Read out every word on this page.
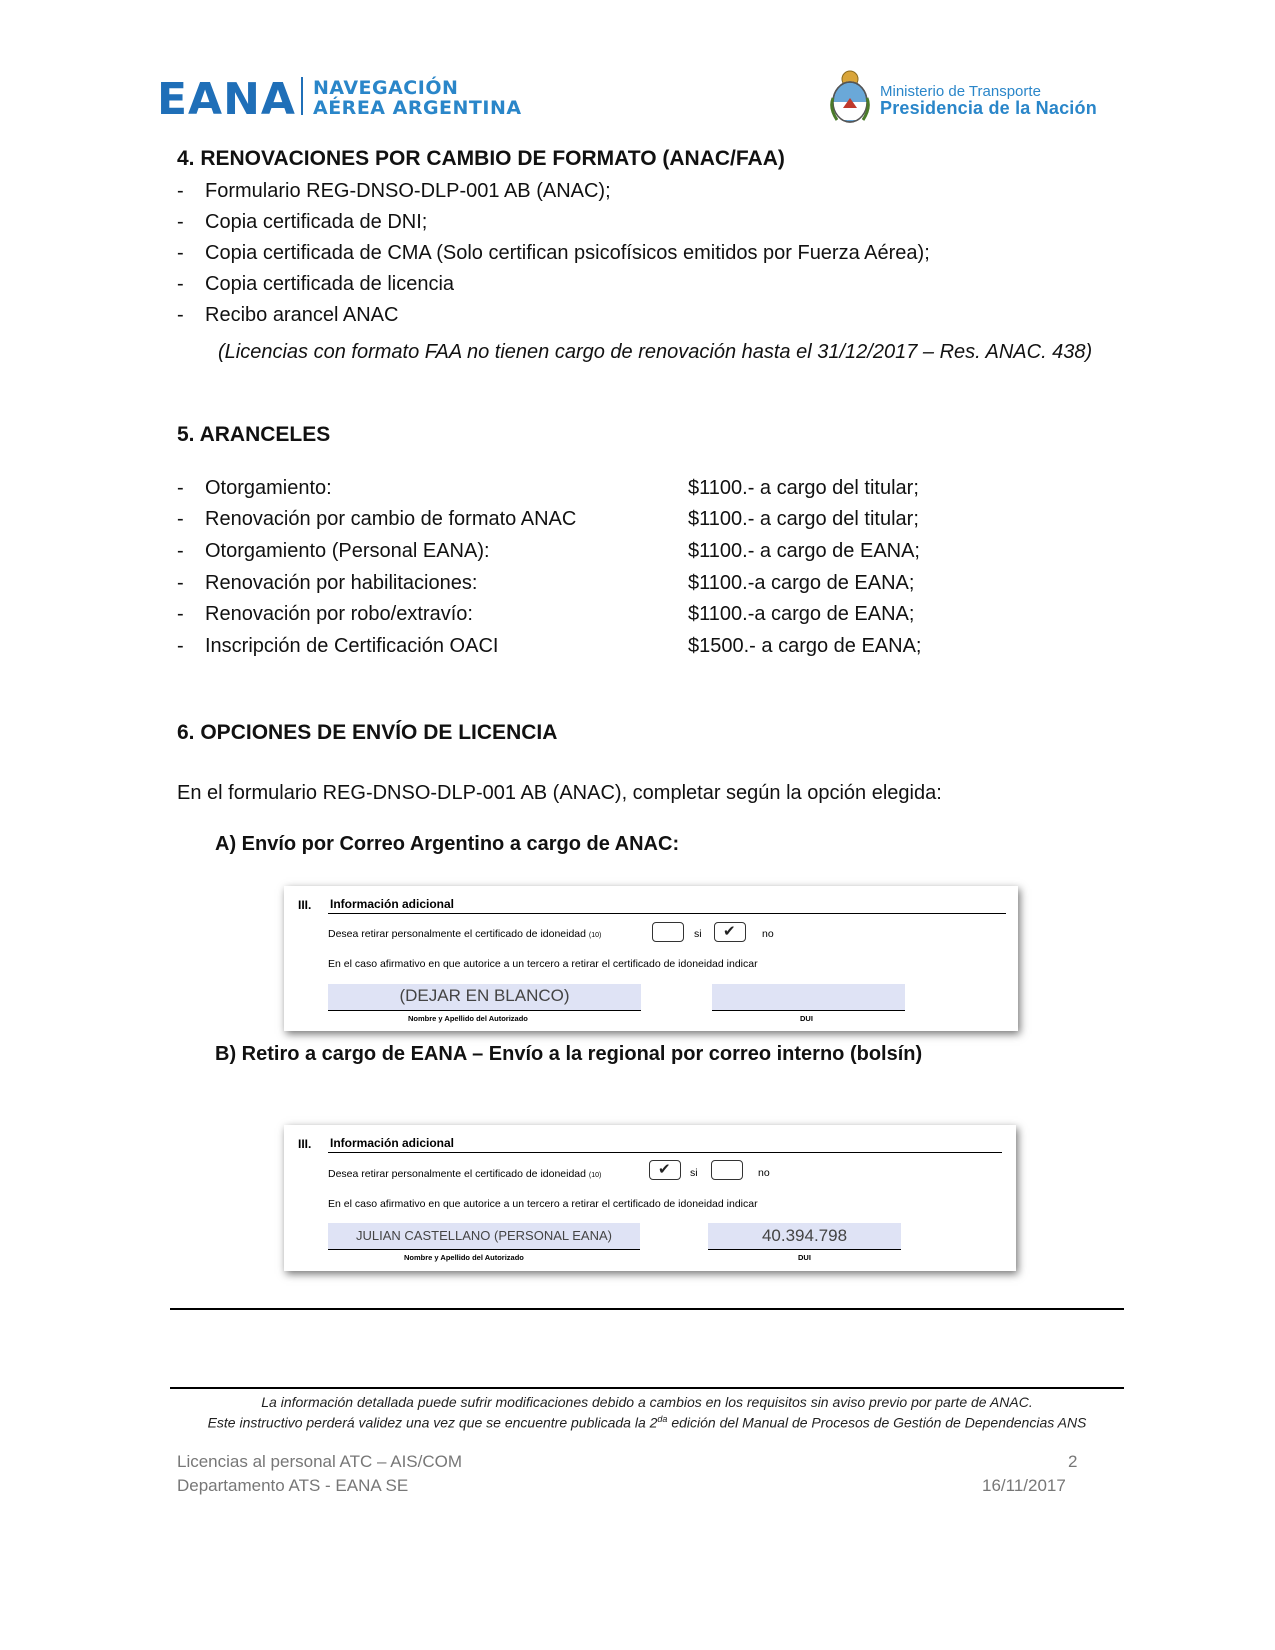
EANA NAVEGACIÓN
AÉREA ARGENTINA
Ministerio de Transporte
Presidencia de la Nación
4. RENOVACIONES POR CAMBIO DE FORMATO (ANAC/FAA)
- Formulario REG-DNSO-DLP-001 AB (ANAC);
- Copia certificada de DNI;
- Copia certificada de CMA (Solo certifican psicofísicos emitidos por Fuerza Aérea);
- Copia certificada de licencia
- Recibo arancel ANAC
(Licencias con formato FAA no tienen cargo de renovación hasta el 31/12/2017 – Res. ANAC. 438)
5. ARANCELES
- Otorgamiento:	$1100.- a cargo del titular;
- Renovación por cambio de formato ANAC	$1100.- a cargo del titular;
- Otorgamiento (Personal EANA):	$1100.- a cargo de EANA;
- Renovación por habilitaciones:	$1100.-a cargo de EANA;
- Renovación por robo/extravío:	$1100.-a cargo de EANA;
- Inscripción de Certificación OACI	$1500.- a cargo de EANA;
6. OPCIONES DE ENVÍO DE LICENCIA
En el formulario REG-DNSO-DLP-001 AB (ANAC), completar según la opción elegida:
A) Envío por Correo Argentino a cargo de ANAC:
III. Información adicional
Desea retirar personalmente el certificado de idoneidad (10)	si ✔	no
En el caso afirmativo en que autorice a un tercero a retirar el certificado de idoneidad indicar
(DEJAR EN BLANCO)
Nombre y Apellido del Autorizado	DUI
B) Retiro a cargo de EANA – Envío a la regional por correo interno (bolsín)
III. Información adicional
Desea retirar personalmente el certificado de idoneidad (10)	✔ si	no
En el caso afirmativo en que autorice a un tercero a retirar el certificado de idoneidad indicar
JULIAN CASTELLANO (PERSONAL EANA)	40.394.798
Nombre y Apellido del Autorizado	DUI
La información detallada puede sufrir modificaciones debido a cambios en los requisitos sin aviso previo por parte de ANAC.
Este instructivo perderá validez una vez que se encuentre publicada la $2^{da}$ edición del Manual de Procesos de Gestión de Dependencias ANS
Licencias al personal ATC – AIS/COM
Departamento ATS - EANA SE
2
16/11/2017
